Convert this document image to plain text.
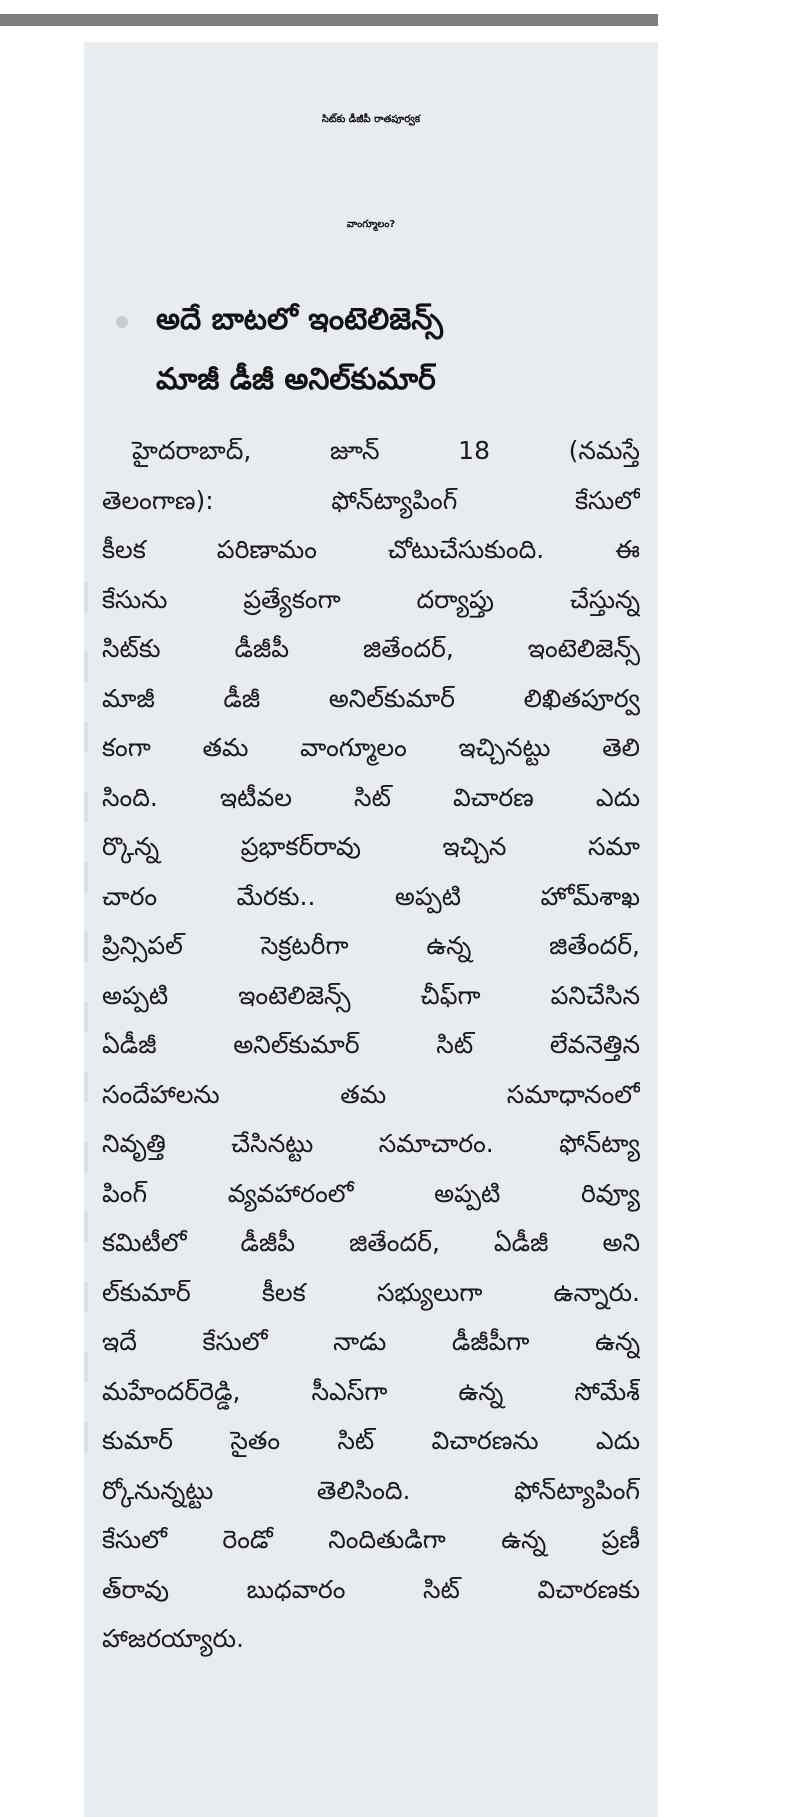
సిట్‌కు డీజీపీ రాతపూర్వక
వాంగ్మూలం?
అదే బాటలో ఇంటెలిజెన్స్
మాజీ డీజీ అనిల్‌కుమార్
హైదరాబాద్, జూన్ 18 (నమస్తే
తెలంగాణ): ఫోన్‌ట్యాపింగ్ కేసులో
కీలక పరిణామం చోటుచేసుకుంది. ఈ
కేసును ప్రత్యేకంగా దర్యాప్తు చేస్తున్న
సిట్‌కు డీజీపీ జితేందర్, ఇంటెలిజెన్స్
మాజీ డీజీ అనిల్‌కుమార్ లిఖితపూర్వ
కంగా తమ వాంగ్మూలం ఇచ్చినట్టు తెలి
సింది. ఇటీవల సిట్ విచారణ ఎదు
ర్కొన్న ప్రభాకర్‌రావు ఇచ్చిన సమా
చారం మేరకు.. అప్పటి హోమ్‌శాఖ
ప్రిన్సిపల్ సెక్రటరీగా ఉన్న జితేందర్,
అప్పటి ఇంటెలిజెన్స్ చీఫ్‌గా పనిచేసిన
ఏడీజీ అనిల్‌కుమార్ సిట్ లేవనెత్తిన
సందేహాలను తమ సమాధానంలో
నివృత్తి చేసినట్టు సమాచారం. ఫోన్‌ట్యా
పింగ్ వ్యవహారంలో అప్పటి రివ్యూ
కమిటీలో డీజీపీ జితేందర్, ఏడీజీ అని
ల్‌కుమార్ కీలక సభ్యులుగా ఉన్నారు.
ఇదే కేసులో నాడు డీజీపీగా ఉన్న
మహేందర్‌రెడ్డి, సీఎస్‌గా ఉన్న సోమేశ్
కుమార్ సైతం సిట్ విచారణను ఎదు
ర్కోనున్నట్టు తెలిసింది. ఫోన్‌ట్యాపింగ్
కేసులో రెండో నిందితుడిగా ఉన్న ప్రణీ
త్‌రావు బుధవారం సిట్ విచారణకు
హాజరయ్యారు.
